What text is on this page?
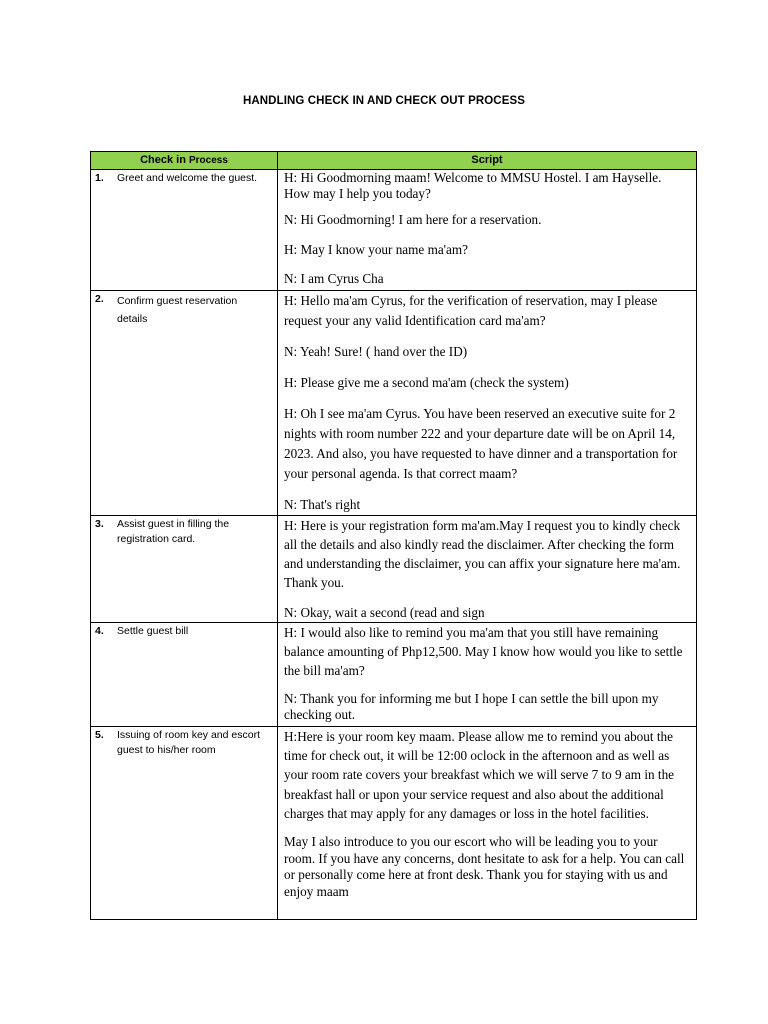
HANDLING CHECK IN AND CHECK OUT PROCESS
Check in Process	Script
1. Greet and welcome the guest.	H: Hi Goodmorning maam! Welcome to MMSU Hostel. I am Hayselle. How may I help you today?

N: Hi Goodmorning! I am here for a reservation.

H: May I know your name ma'am?

N: I am Cyrus Cha

2. Confirm guest reservation details	H: Hello ma'am Cyrus, for the verification of reservation, may I please request your any valid Identification card ma'am?

N: Yeah! Sure! ( hand over the ID)

H: Please give me a second ma'am (check the system)

H: Oh I see ma'am Cyrus. You have been reserved an executive suite for 2 nights with room number 222 and your departure date will be on April 14, 2023. And also, you have requested to have dinner and a transportation for your personal agenda. Is that correct maam?

N: That's right

3. Assist guest in filling the registration card.	H: Here is your registration form ma'am.May I request you to kindly check all the details and also kindly read the disclaimer. After checking the form and understanding the disclaimer, you can affix your signature here ma'am. Thank you.

N: Okay, wait a second (read and sign

4. Settle guest bill	H: I would also like to remind you ma'am that you still have remaining balance amounting of Php12,500. May I know how would you like to settle the bill ma'am?

N: Thank you for informing me but I hope I can settle the bill upon my checking out.

5. Issuing of room key and escort guest to his/her room	H:Here is your room key maam. Please allow me to remind you about the time for check out, it will be 12:00 oclock in the afternoon and as well as your room rate covers your breakfast which we will serve 7 to 9 am in the breakfast hall or upon your service request and also about the additional charges that may apply for any damages or loss in the hotel facilities.

May I also introduce to you our escort who will be leading you to your room. If you have any concerns, dont hesitate to ask for a help. You can call or personally come here at front desk. Thank you for staying with us and enjoy maam
